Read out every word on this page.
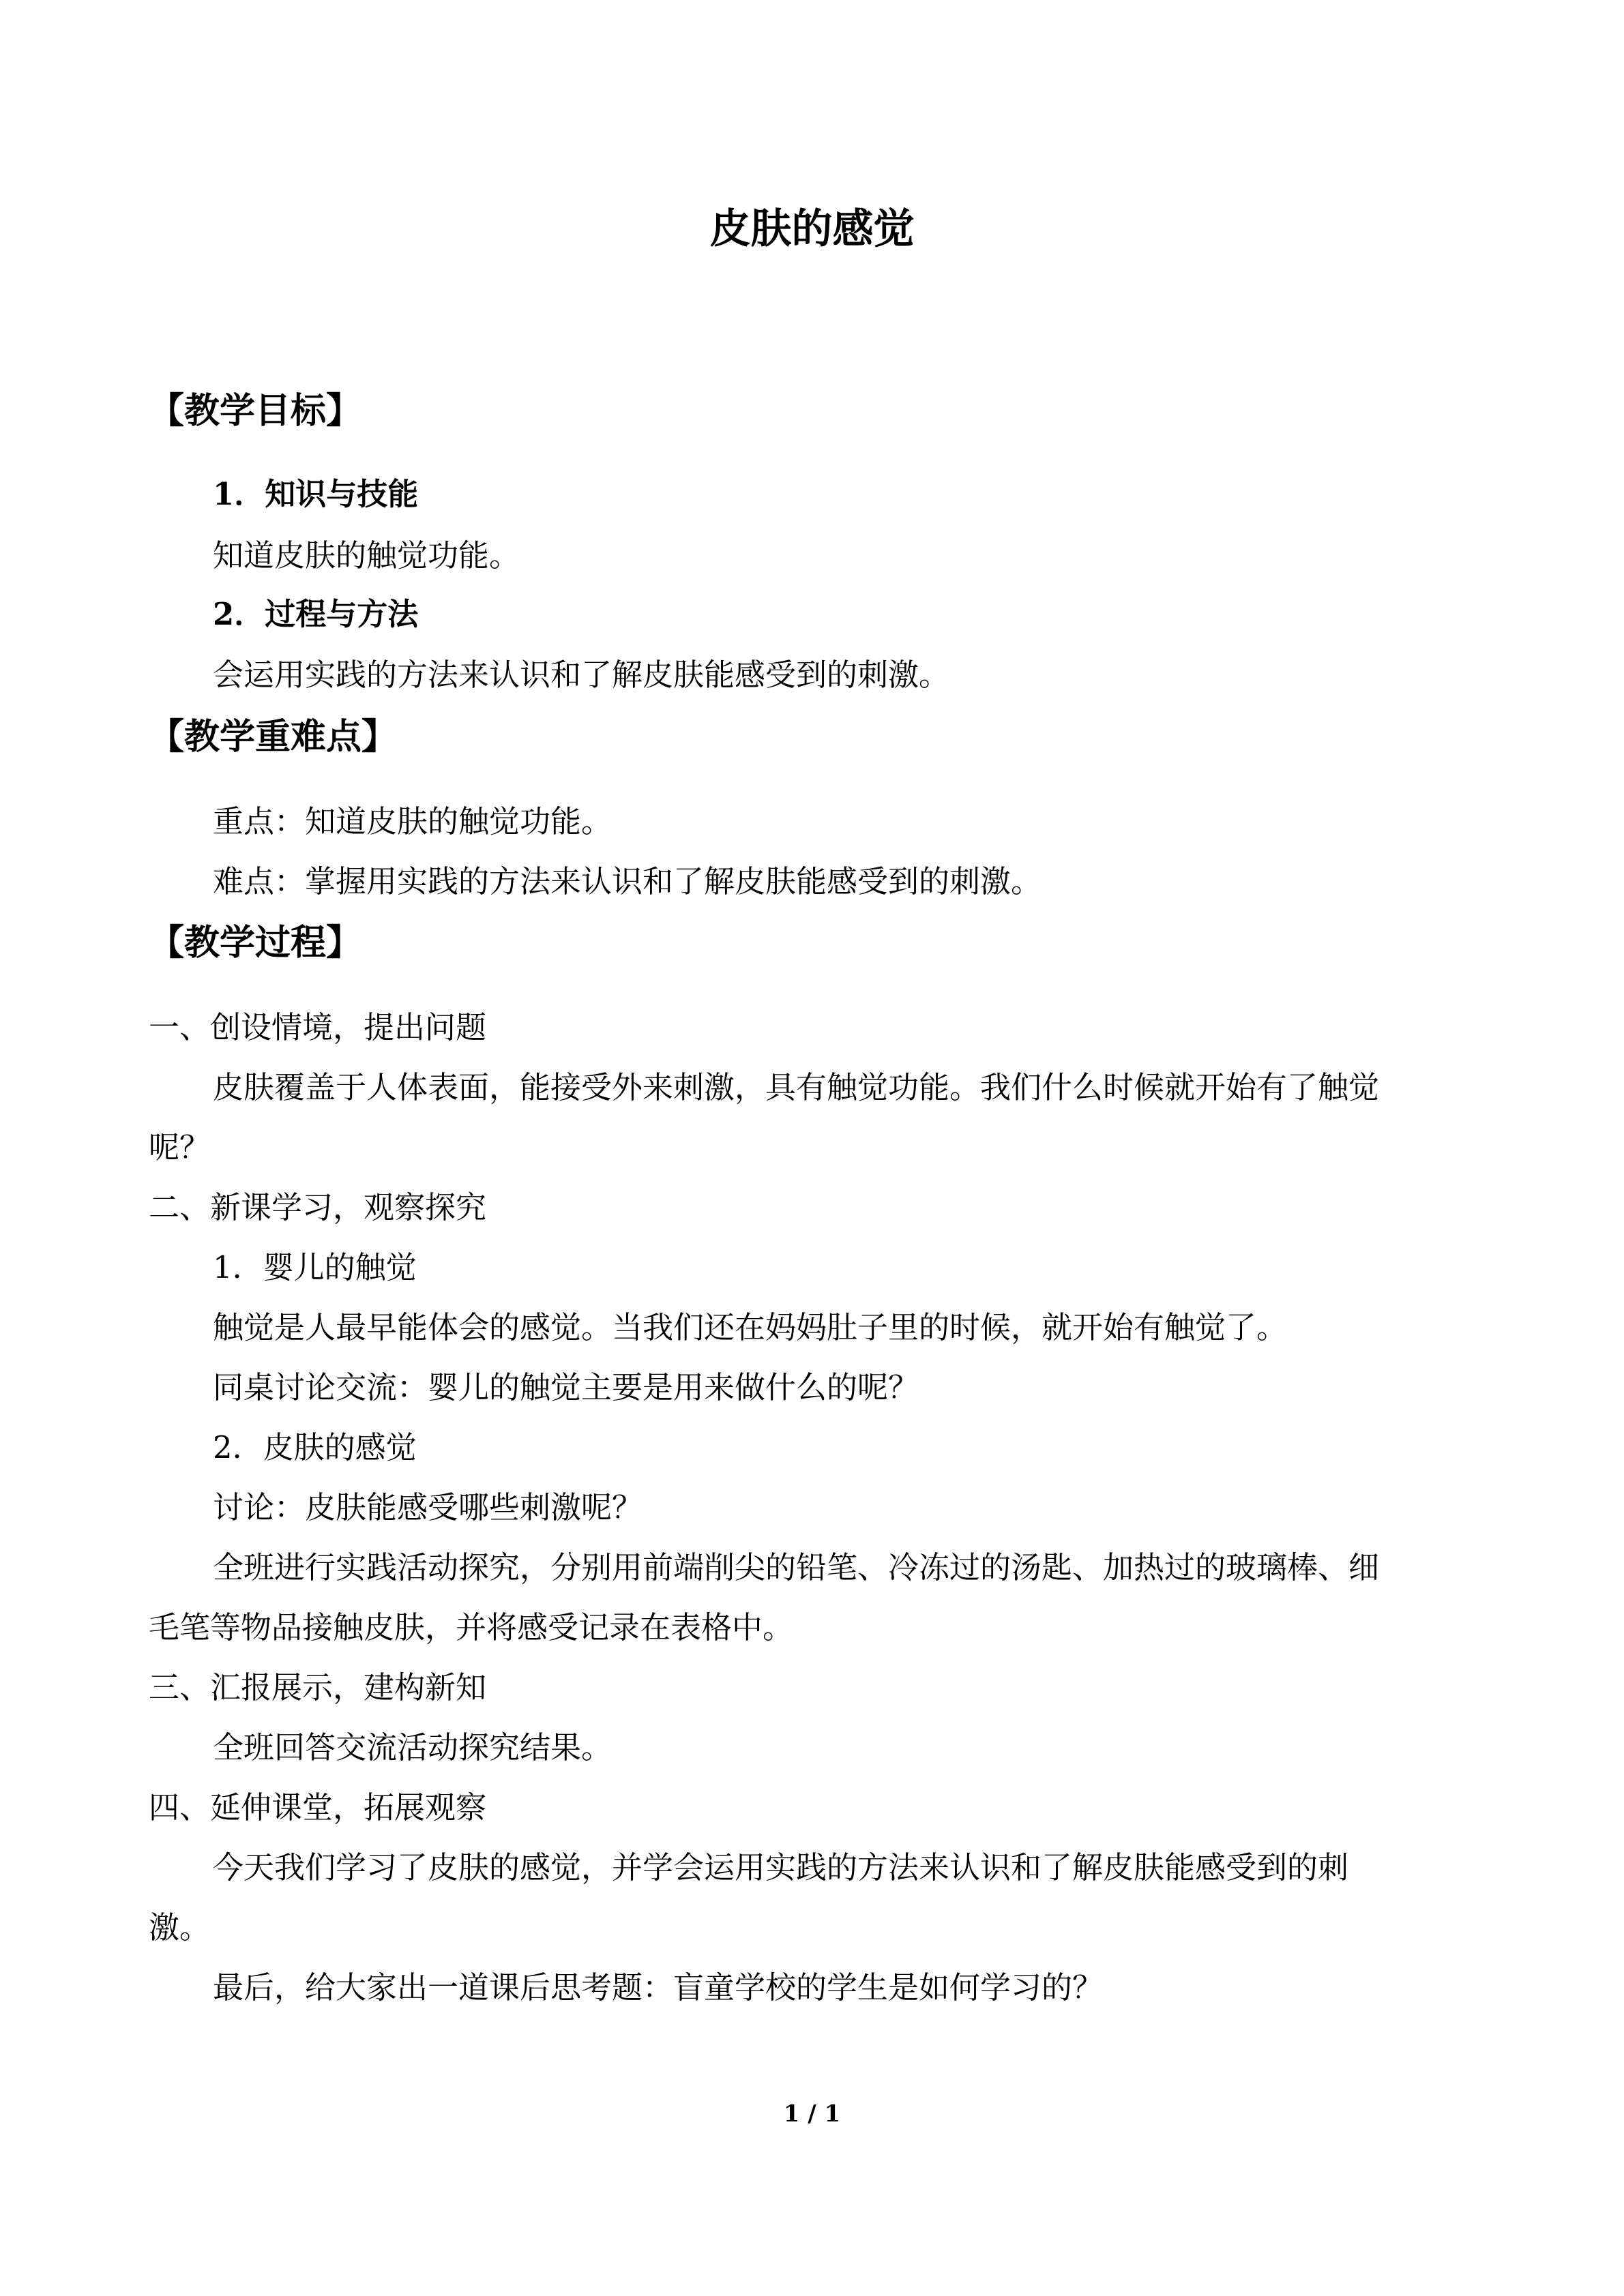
皮肤的感觉
【教学目标】
1．知识与技能
知道皮肤的触觉功能。
2．过程与方法
会运用实践的方法来认识和了解皮肤能感受到的刺激。
【教学重难点】
重点：知道皮肤的触觉功能。
难点：掌握用实践的方法来认识和了解皮肤能感受到的刺激。
【教学过程】
一、创设情境，提出问题
皮肤覆盖于人体表面，能接受外来刺激，具有触觉功能。我们什么时候就开始有了触觉
呢？
二、新课学习，观察探究
1．婴儿的触觉
触觉是人最早能体会的感觉。当我们还在妈妈肚子里的时候，就开始有触觉了。
同桌讨论交流：婴儿的触觉主要是用来做什么的呢？
2．皮肤的感觉
讨论：皮肤能感受哪些刺激呢？
全班进行实践活动探究，分别用前端削尖的铅笔、冷冻过的汤匙、加热过的玻璃棒、细
毛笔等物品接触皮肤，并将感受记录在表格中。
三、汇报展示，建构新知
全班回答交流活动探究结果。
四、延伸课堂，拓展观察
今天我们学习了皮肤的感觉，并学会运用实践的方法来认识和了解皮肤能感受到的刺
激。
最后，给大家出一道课后思考题：盲童学校的学生是如何学习的？
1 / 1
